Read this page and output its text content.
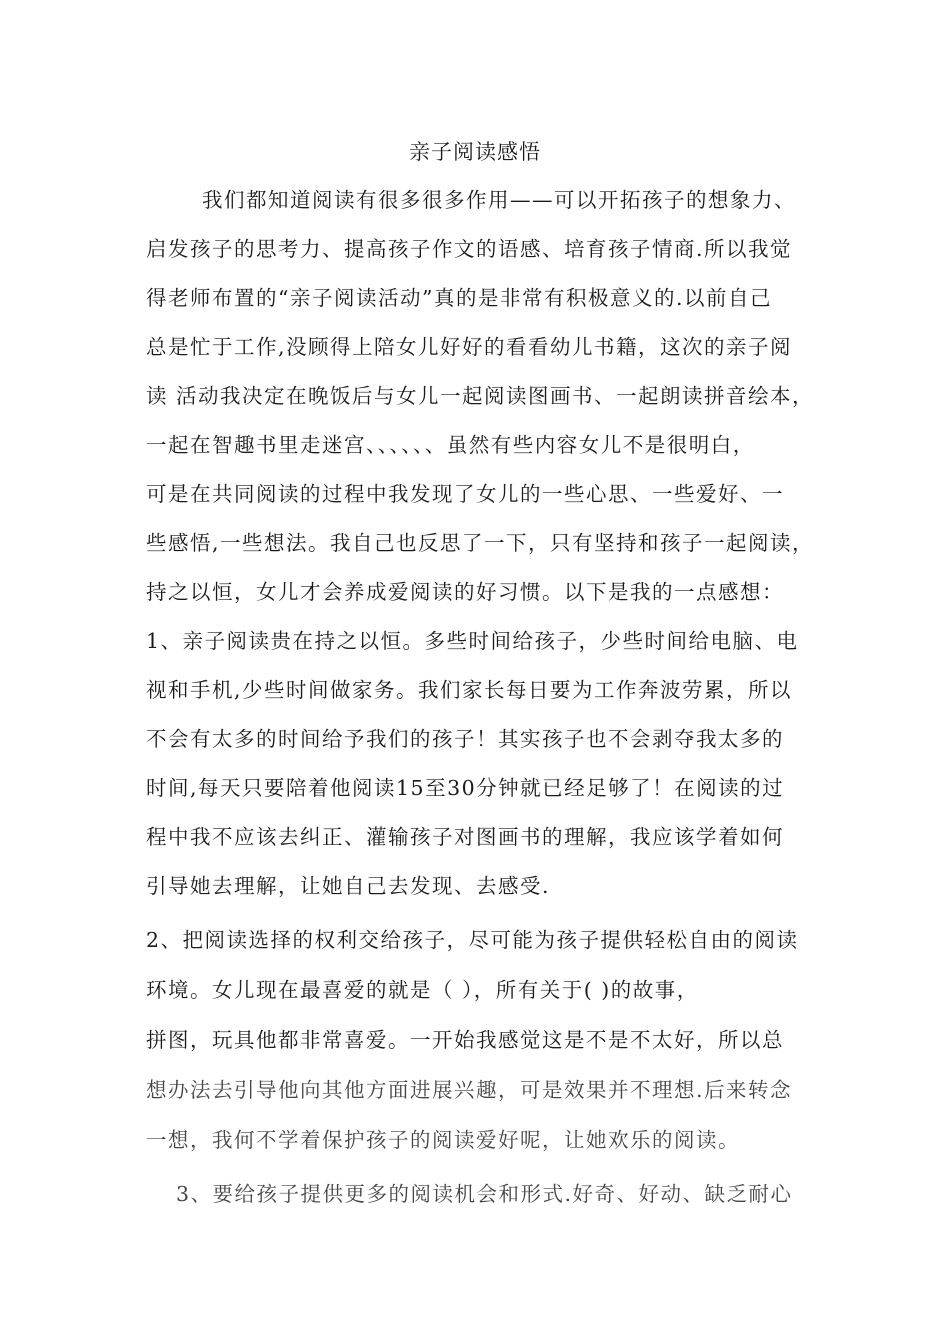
亲子阅读感悟
我们都知道阅读有很多很多作用——可以开拓孩子的想象力、
启发孩子的思考力、提高孩子作文的语感、培育孩子情商.所以我觉
得老师布置的“亲子阅读活动”真的是非常有积极意义的.以前自己
总是忙于工作,没顾得上陪女儿好好的看看幼儿书籍，这次的亲子阅
读 活动我决定在晚饭后与女儿一起阅读图画书、一起朗读拼音绘本，
一起在智趣书里走迷宫、、、、、、虽然有些内容女儿不是很明白，
可是在共同阅读的过程中我发现了女儿的一些心思、一些爱好、一
些感悟,一些想法。我自己也反思了一下，只有坚持和孩子一起阅读，
持之以恒，女儿才会养成爱阅读的好习惯。以下是我的一点感想：
1、亲子阅读贵在持之以恒。多些时间给孩子，少些时间给电脑、电
视和手机,少些时间做家务。我们家长每日要为工作奔波劳累，所以
不会有太多的时间给予我们的孩子！其实孩子也不会剥夺我太多的
时间,每天只要陪着他阅读15至30分钟就已经足够了！在阅读的过
程中我不应该去纠正、灌输孩子对图画书的理解，我应该学着如何
引导她去理解，让她自己去发现、去感受.
2、把阅读选择的权利交给孩子，尽可能为孩子提供轻松自由的阅读
环境。女儿现在最喜爱的就是（ ），所有关于( )的故事，
拼图，玩具他都非常喜爱。一开始我感觉这是不是不太好，所以总
想办法去引导他向其他方面进展兴趣，可是效果并不理想.后来转念
一想，我何不学着保护孩子的阅读爱好呢，让她欢乐的阅读。
3、要给孩子提供更多的阅读机会和形式.好奇、好动、缺乏耐心
